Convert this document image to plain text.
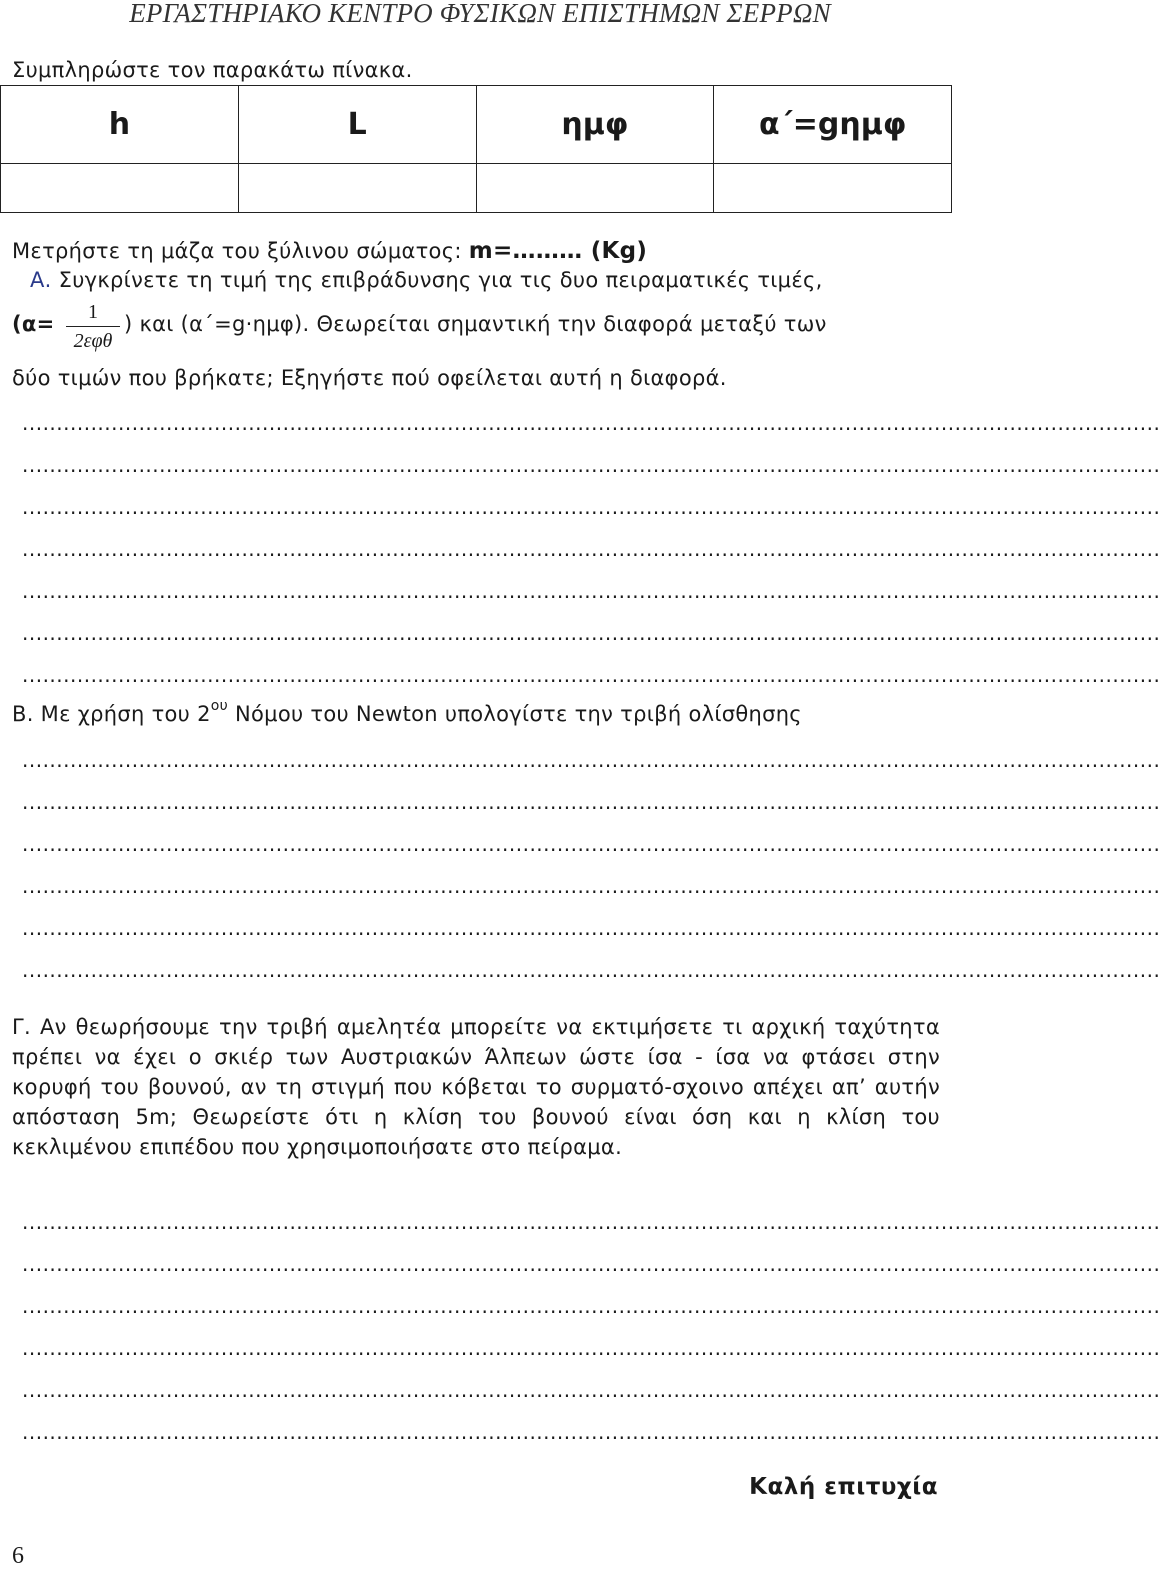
ΕΡΓΑΣΤΗΡΙΑΚΟ ΚΕΝΤΡΟ ΦΥΣΙΚΩΝ ΕΠΙΣΤΗΜΩΝ ΣΕΡΡΩΝ
Συμπληρώστε τον παρακάτω πίνακα.
h	L	ημφ	α΄=gημφ

Μετρήστε τη μάζα του ξύλινου σώματος: m=……… (Kg)
Α. Συγκρίνετε τη τιμή της επιβράδυνσης για τις δυο πειραματικές τιμές,
(α=	1
2εφθ
) και (α΄=g·ημφ). Θεωρείται σημαντική την διαφορά μεταξύ των
δύο τιμών που βρήκατε; Εξηγήστε πού οφείλεται αυτή η διαφορά.
......................................................................................................................................................................
......................................................................................................................................................................
......................................................................................................................................................................
......................................................................................................................................................................
......................................................................................................................................................................
......................................................................................................................................................................
......................................................................................................................................................................
Β. Με χρήση του $2^{o\upsilon}$ Νόμου του Newton υπολογίστε την τριβή ολίσθησης
......................................................................................................................................................................
......................................................................................................................................................................
......................................................................................................................................................................
......................................................................................................................................................................
......................................................................................................................................................................
......................................................................................................................................................................
Γ. Αν θεωρήσουμε την τριβή αμελητέα μπορείτε να εκτιμήσετε τι αρχική ταχύτητα πρέπει να έχει ο σκιέρ των Αυστριακών Άλπεων ώστε ίσα - ίσα να φτάσει στην κορυφή του βουνού, αν τη στιγμή που κόβεται το συρματό-σχοινο απέχει απ’ αυτήν απόσταση 5m; Θεωρείστε ότι η κλίση του βουνού είναι όση και η κλίση του κεκλιμένου επιπέδου που χρησιμοποιήσατε στο πείραμα.
......................................................................................................................................................................
......................................................................................................................................................................
......................................................................................................................................................................
......................................................................................................................................................................
......................................................................................................................................................................
......................................................................................................................................................................
Καλή επιτυχία
6
